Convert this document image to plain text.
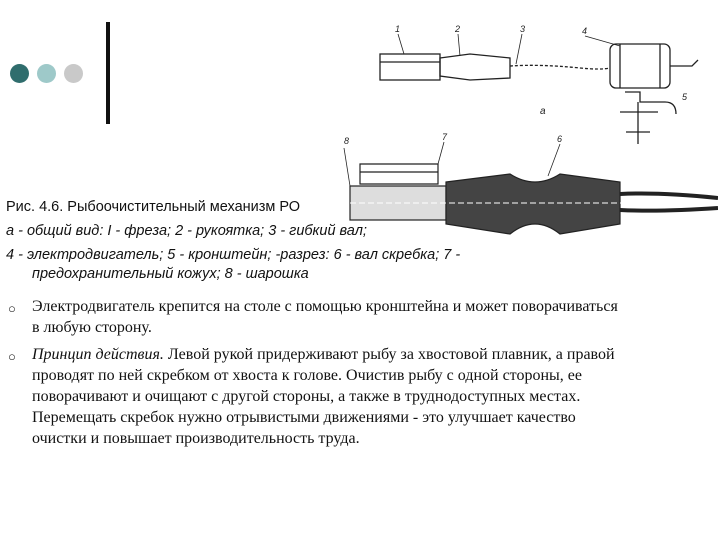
1	2	3	4
5
а
6
7
8
Рис. 4.6. Рыбоочистительный механизм РО
а - общий вид: I - фреза; 2 - рукоятка; 3 - гибкий вал;
4 - электродвигатель; 5 - кронштейн; -разрез: 6 - вал скребка; 7 -
предохранительный кожух; 8 - шарошка
○	Электродвигатель крепится на столе с помощью кронштейна и может поворачиваться в любую сторону.
○	Принцип действия. Левой рукой придерживают рыбу за хвостовой плавник, а правой проводят по ней скребком от хвоста к голове. Очистив рыбу с одной стороны, ее поворачивают и очищают с другой стороны, а также в труднодоступных местах. Перемещать скребок нужно отрывистыми движениями - это улучшает качество очистки и повышает производительность труда.
